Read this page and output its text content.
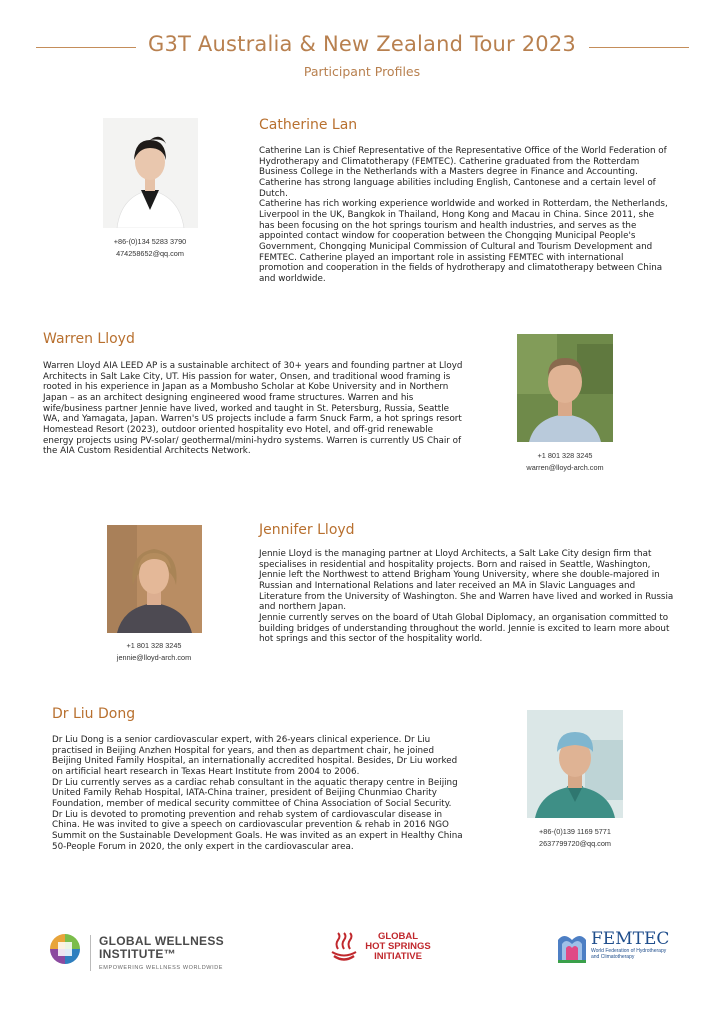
G3T Australia & New Zealand Tour 2023
Participant Profiles
+86-(0)134 5283 3790
474258652@qq.com
Catherine Lan

Catherine Lan is Chief Representative of the Representative Office of the World Federation of Hydrotherapy and Climatotherapy (FEMTEC). Catherine graduated from the Rotterdam Business College in the Netherlands with a Masters degree in Finance and Accounting. Catherine has strong language abilities including English, Cantonese and a certain level of Dutch.

Catherine has rich working experience worldwide and worked in Rotterdam, the Netherlands, Liverpool in the UK, Bangkok in Thailand, Hong Kong and Macau in China. Since 2011, she has been focusing on the hot springs tourism and health industries, and serves as the appointed contact window for cooperation between the Chongqing Municipal People's Government, Chongqing Municipal Commission of Cultural and Tourism Development and FEMTEC. Catherine played an important role in assisting FEMTEC with international promotion and cooperation in the fields of hydrotherapy and climatotherapy between China and worldwide.

Warren Lloyd

Warren Lloyd AIA LEED AP is a sustainable architect of 30+ years and founding partner at Lloyd Architects in Salt Lake City, UT. His passion for water, Onsen, and traditional wood framing is rooted in his experience in Japan as a Mombusho Scholar at Kobe University and in Northern Japan – as an architect designing engineered wood frame structures. Warren and his wife/business partner Jennie have lived, worked and taught in St. Petersburg, Russia, Seattle WA, and Yamagata, Japan. Warren's US projects include a farm Snuck Farm, a hot springs resort Homestead Resort (2023), outdoor oriented hospitality evo Hotel, and off-grid renewable energy projects using PV-solar/ geothermal/mini-hydro systems. Warren is currently US Chair of the AIA Custom Residential Architects Network.	+1 801 328 3245
warren@lloyd-arch.com
+1 801 328 3245
jennie@lloyd-arch.com
Jennifer Lloyd

Jennie Lloyd is the managing partner at Lloyd Architects, a Salt Lake City design firm that specialises in residential and hospitality projects. Born and raised in Seattle, Washington, Jennie left the Northwest to attend Brigham Young University, where she double-majored in Russian and International Relations and later received an MA in Slavic Languages and Literature from the University of Washington. She and Warren have lived and worked in Russia and northern Japan.

Jennie currently serves on the board of Utah Global Diplomacy, an organisation committed to building bridges of understanding throughout the world. Jennie is excited to learn more about hot springs and this sector of the hospitality world.

Dr Liu Dong

Dr Liu Dong is a senior cardiovascular expert, with 26-years clinical experience. Dr Liu practised in Beijing Anzhen Hospital for years, and then as department chair, he joined Beijing United Family Hospital, an internationally accredited hospital. Besides, Dr Liu worked on artificial heart research in Texas Heart Institute from 2004 to 2006.

Dr Liu currently serves as a cardiac rehab consultant in the aquatic therapy centre in Beijing United Family Rehab Hospital, IATA-China trainer, president of Beijing Chunmiao Charity Foundation, member of medical security committee of China Association of Social Security.

Dr Liu is devoted to promoting prevention and rehab system of cardiovascular disease in China. He was invited to give a speech on cardiovascular prevention & rehab in 2016 NGO Summit on the Sustainable Development Goals. He was invited as an expert in Healthy China 50-People Forum in 2020, the only expert in the cardiovascular area.

+86-(0)139 1169 5771
2637799720@qq.com
GLOBAL WELLNESS
INSTITUTE™
EMPOWERING WELLNESS WORLDWIDE
GLOBAL
HOT SPRINGS
INITIATIVE
FEMTEC
World Federation of Hydrotherapy
and Climatotherapy
